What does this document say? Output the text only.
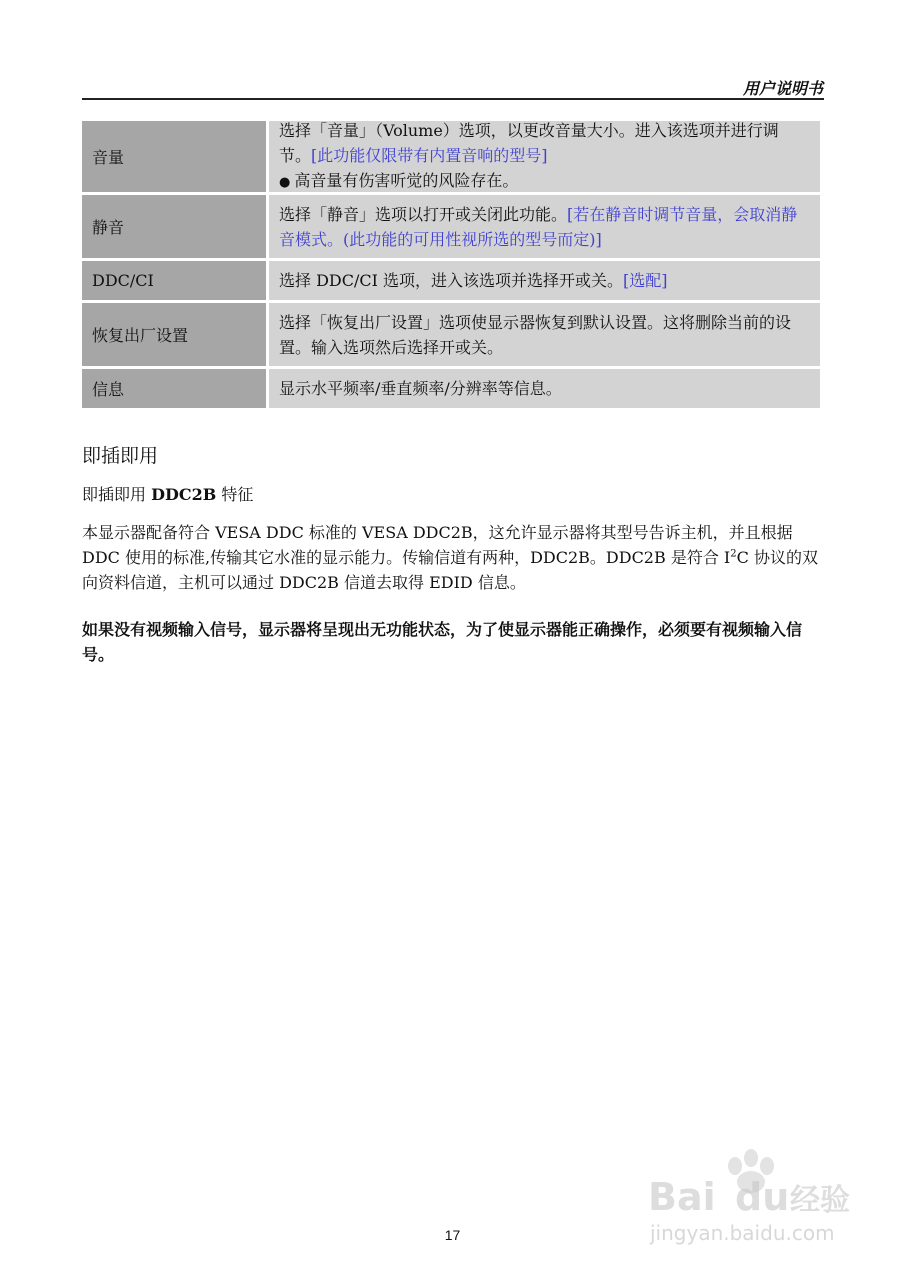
用户说明书
音量
选择「音量」（Volume）选项，以更改音量大小。进入该选项并进行调节。[此功能仅限带有内置音响的型号]
● 高音量有伤害听觉的风险存在。
静音
选择「静音」选项以打开或关闭此功能。[若在静音时调节音量，会取消静音模式。(此功能的可用性视所选的型号而定)]
DDC/CI	选择 DDC/CI 选项，进入该选项并选择开或关。[选配]
恢复出厂设置
选择「恢复出厂设置」选项使显示器恢复到默认设置。这将删除当前的设置。输入选项然后选择开或关。
信息	显示水平频率/垂直频率/分辨率等信息。
即插即用
即插即用 DDC2B 特征

本显示器配备符合 VESA DDC 标准的 VESA DDC2B，这允许显示器将其型号告诉主机，并且根据 DDC 使用的标准,传输其它水准的显示能力。传输信道有两种，DDC2B。DDC2B 是符合 $I^2C$ 协议的双向资料信道，主机可以通过 DDC2B 信道去取得 EDID 信息。

如果没有视频输入信号，显示器将呈现出无功能状态，为了使显示器能正确操作，必须要有视频输入信号。

17
Bai du 经验
jingyan.baidu.com
